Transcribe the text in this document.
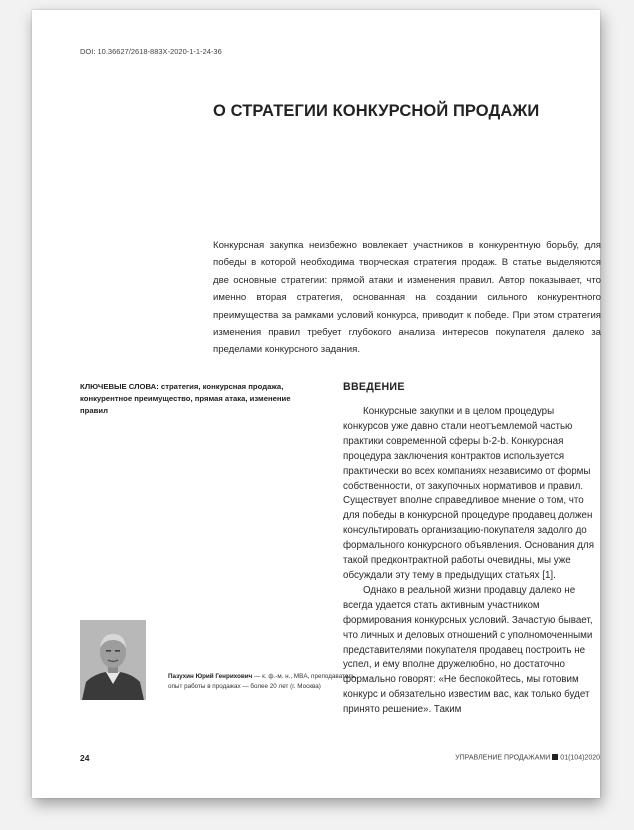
DOI: 10.36627/2618-883X-2020-1-1-24-36
О СТРАТЕГИИ КОНКУРСНОЙ ПРОДАЖИ

Конкурсная закупка неизбежно вовлекает участников в конкурентную борьбу, для победы в которой необходима творческая стратегия продаж. В статье выделяются две основные стратегии: прямой атаки и изменения правил. Автор показывает, что именно вторая стратегия, основанная на создании сильного конкурентного преимущества за рамками условий конкурса, приводит к победе. При этом стратегия изменения правил требует глубокого анализа интересов покупателя далеко за пределами конкурсного задания.

КЛЮЧЕВЫЕ СЛОВА: стратегия, конкурсная продажа, конкурентное преимущество, прямая атака, изменение правил

ВВЕДЕНИЕ

Конкурсные закупки и в целом процедуры конкурсов уже давно стали неотъемлемой частью практики современной сферы b-2-b. Конкурсная процедура заключения контрактов используется практически во всех компаниях независимо от формы собственности, от закупочных нормативов и правил. Существует вполне справедливое мнение о том, что для победы в конкурсной процедуре продавец должен консультировать организацию-покупателя задолго до формального конкурсного объявления. Основания для такой предконтрактной работы очевидны, мы уже обсуждали эту тему в предыдущих статьях [1].

Однако в реальной жизни продавцу далеко не всегда удается стать активным участником формирования конкурсных условий. Зачастую бывает, что личных и деловых отношений с уполномоченными представителями покупателя продавец построить не успел, и ему вполне дружелюбно, но достаточно формально говорят: «Не беспокойтесь, мы готовим конкурс и обязательно известим вас, как только будет принято решение». Таким

Пазухин Юрий Генрихович — к. ф.-м. н., MBA, преподаватель, опыт работы в продажах — более 20 лет (г. Москва)

24	УПРАВЛЕНИЕ ПРОДАЖАМИ 01(104)2020
